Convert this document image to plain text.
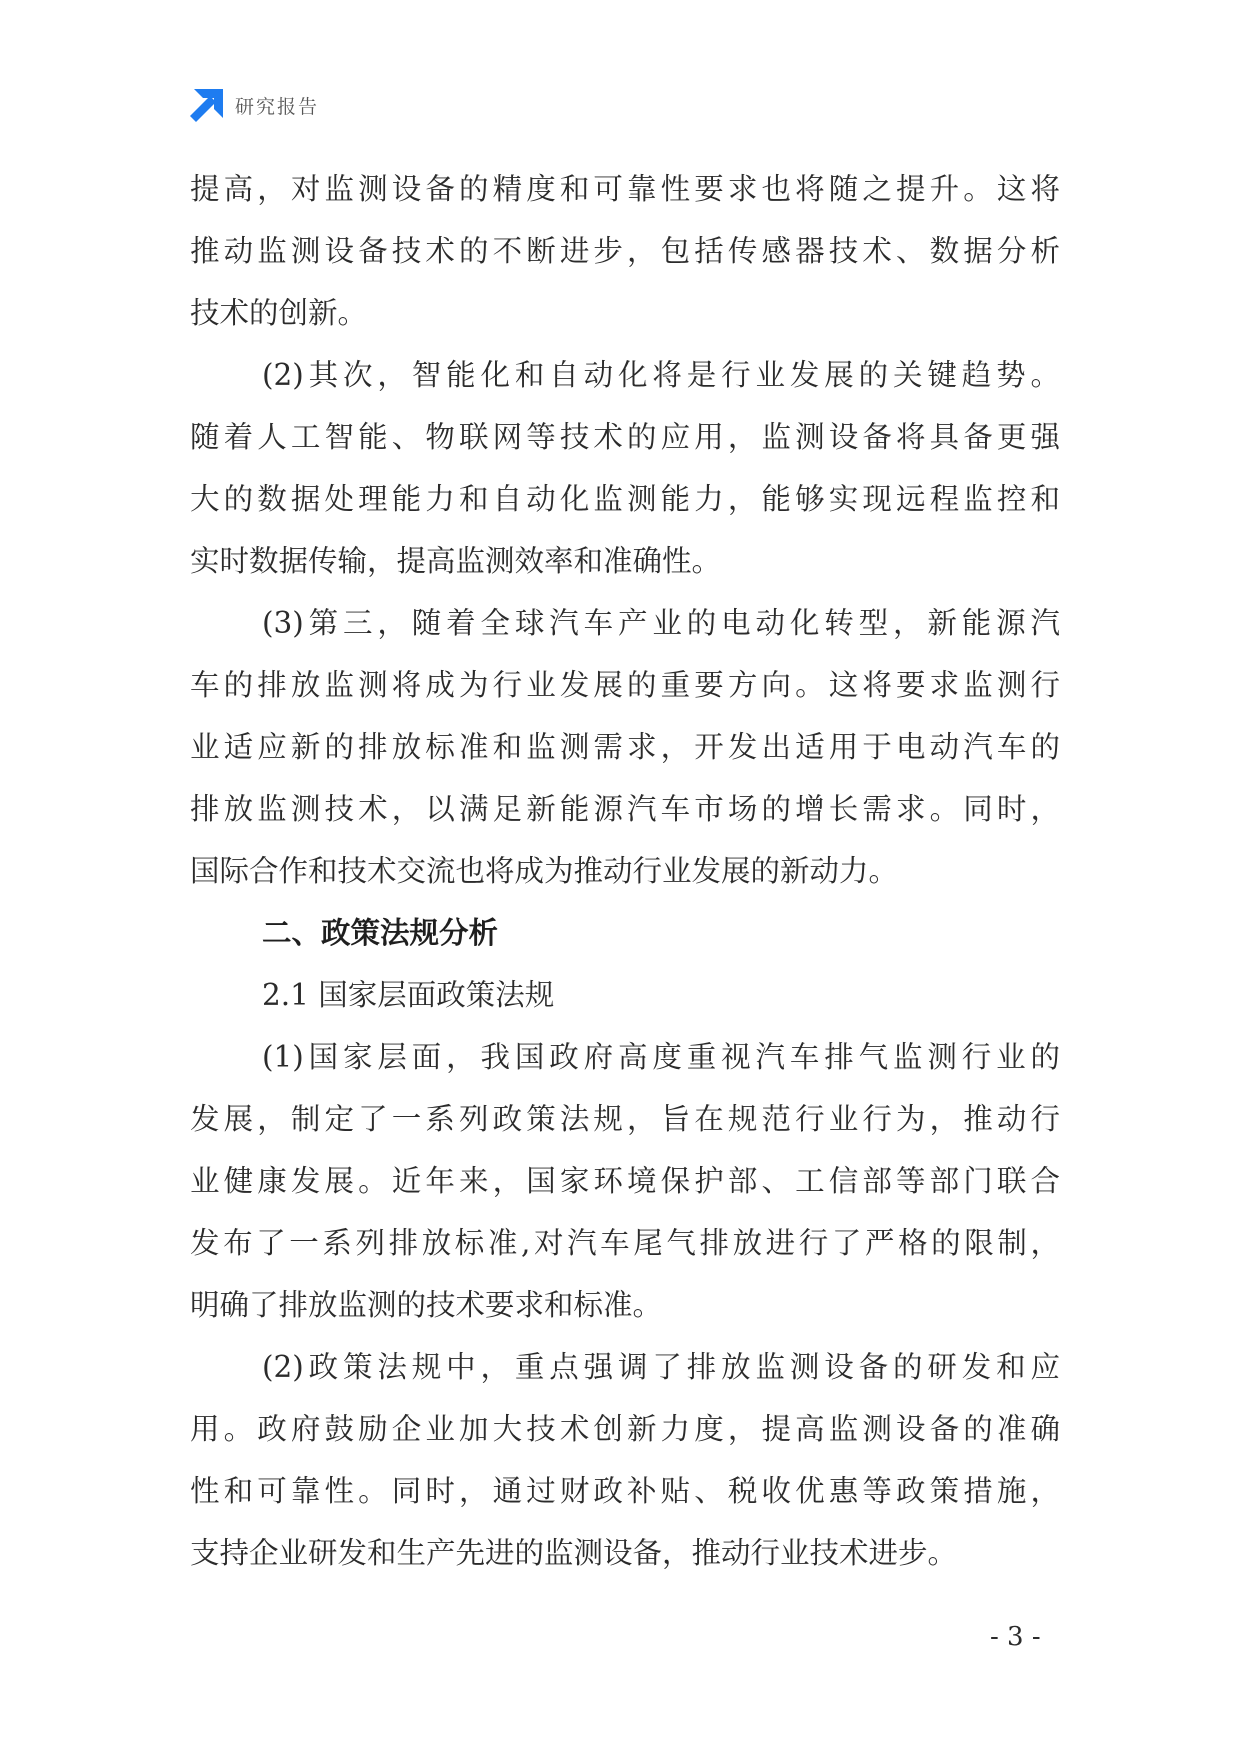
研究报告
提高，对监测设备的精度和可靠性要求也将随之提升。这将
推动监测设备技术的不断进步，包括传感器技术、数据分析
技术的创新。
(2)其次，智能化和自动化将是行业发展的关键趋势。
随着人工智能、物联网等技术的应用，监测设备将具备更强
大的数据处理能力和自动化监测能力，能够实现远程监控和
实时数据传输，提高监测效率和准确性。
(3)第三，随着全球汽车产业的电动化转型，新能源汽
车的排放监测将成为行业发展的重要方向。这将要求监测行
业适应新的排放标准和监测需求，开发出适用于电动汽车的
排放监测技术，以满足新能源汽车市场的增长需求。同时，
国际合作和技术交流也将成为推动行业发展的新动力。
二、政策法规分析
2.1 国家层面政策法规
(1)国家层面，我国政府高度重视汽车排气监测行业的
发展，制定了一系列政策法规，旨在规范行业行为，推动行
业健康发展。近年来，国家环境保护部、工信部等部门联合
发布了一系列排放标准,对汽车尾气排放进行了严格的限制，
明确了排放监测的技术要求和标准。
(2)政策法规中，重点强调了排放监测设备的研发和应
用。政府鼓励企业加大技术创新力度，提高监测设备的准确
性和可靠性。同时，通过财政补贴、税收优惠等政策措施，
支持企业研发和生产先进的监测设备，推动行业技术进步。
- 3 -
